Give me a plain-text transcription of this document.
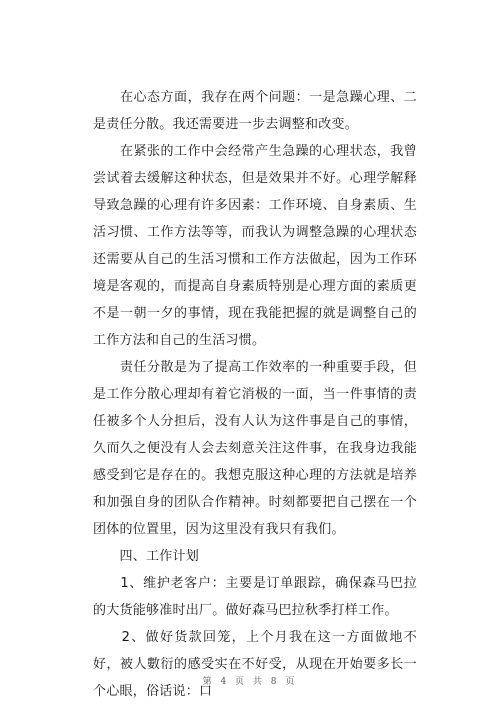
　　在心态方面，我存在两个问题：一是急躁心理、二是责任分散。我还需要进一步去调整和改变。

　　在紧张的工作中会经常产生急躁的心理状态，我曾尝试着去缓解这种状态，但是效果并不好。心理学解释导致急躁的心理有许多因素：工作环境、自身素质、生活习惯、工作方法等等，而我认为调整急躁的心理状态还需要从自己的生活习惯和工作方法做起，因为工作环境是客观的，而提高自身素质特别是心理方面的素质更不是一朝一夕的事情，现在我能把握的就是调整自己的工作方法和自己的生活习惯。

　　责任分散是为了提高工作效率的一种重要手段，但是工作分散心理却有着它消极的一面，当一件事情的责任被多个人分担后，没有人认为这件事是自己的事情，久而久之便没有人会去刻意关注这件事，在我身边我能感受到它是存在的。我想克服这种心理的方法就是培养和加强自身的团队合作精神。时刻都要把自己摆在一个团体的位置里，因为这里没有我只有我们。

　　四、工作计划

　　1、维护老客户：主要是订单跟踪，确保森马巴拉的大货能够准时出厂。做好森马巴拉秋季打样工作。

　　2、做好货款回笼，上个月我在这一方面做地不好，被人數衍的感受实在不好受，从现在开始要多长一个心眼，俗话说：口

第 4 页 共 8 页
